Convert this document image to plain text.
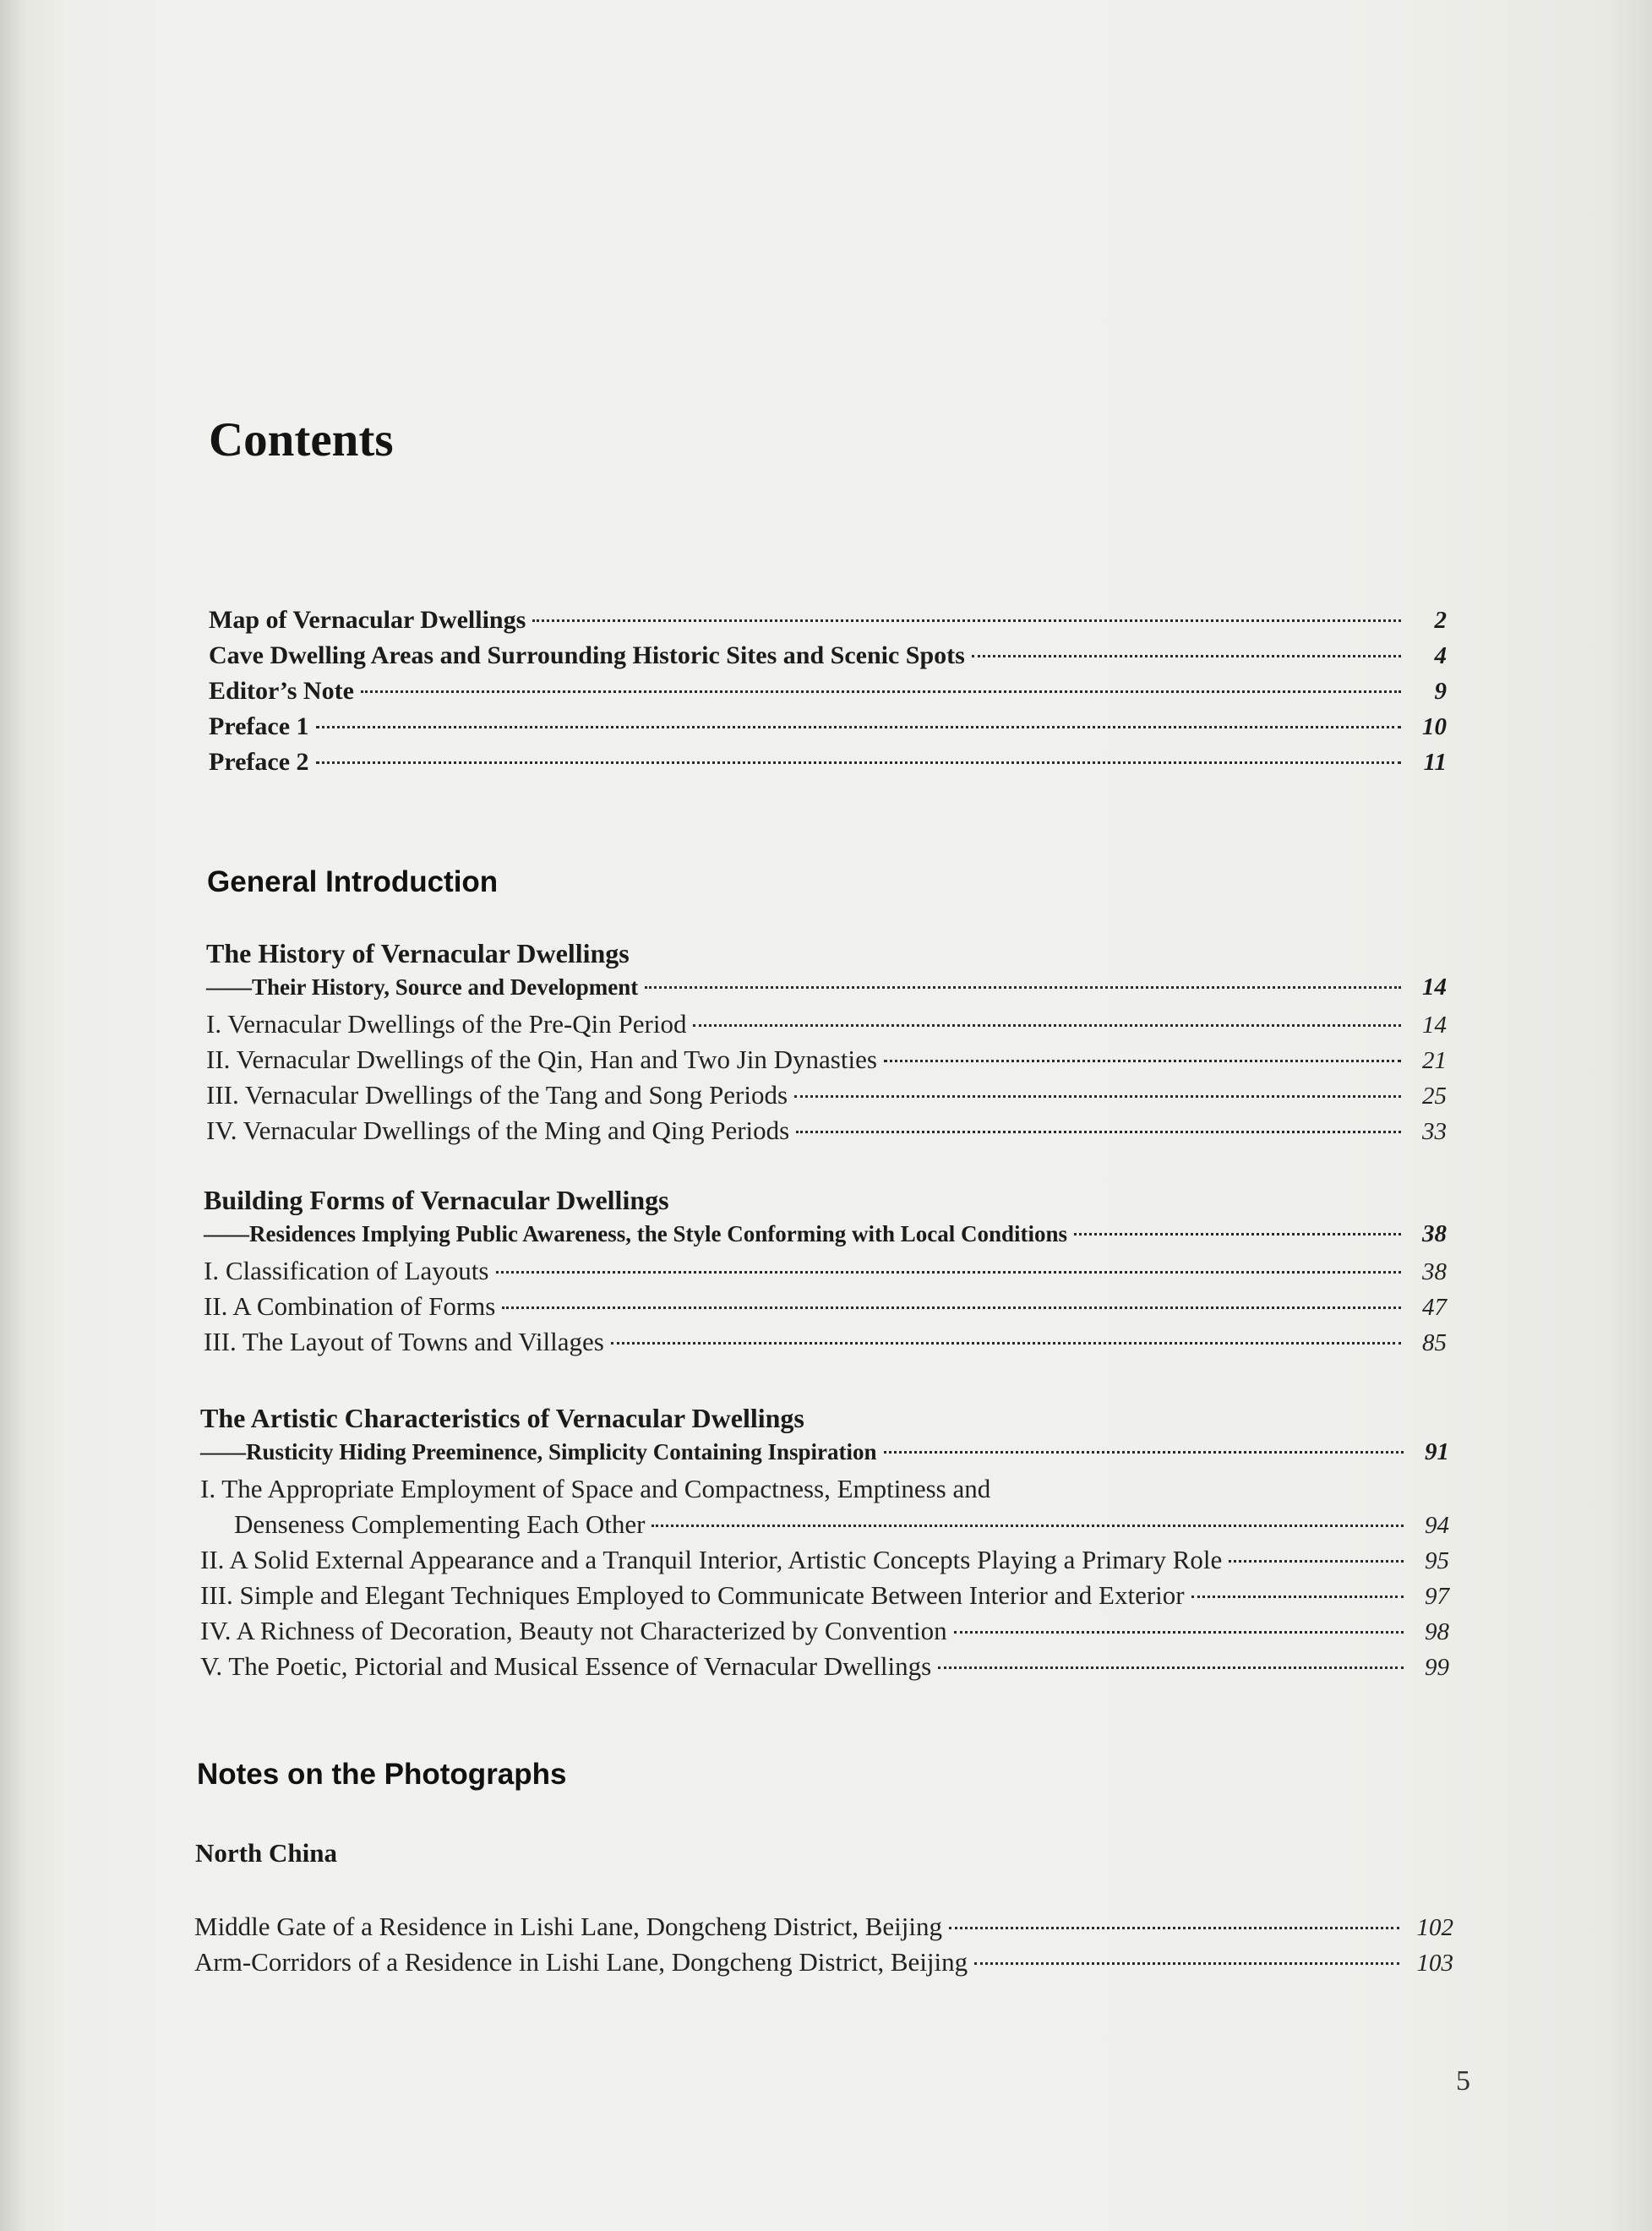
Contents
Map of Vernacular Dwellings	2
Cave Dwelling Areas and Surrounding Historic Sites and Scenic Spots	4
Editor’s Note	9
Preface 1	10
Preface 2	11
General Introduction
The History of Vernacular Dwellings
——Their History, Source and Development	14
I. Vernacular Dwellings of the Pre-Qin Period	14
II. Vernacular Dwellings of the Qin, Han and Two Jin Dynasties	21
III. Vernacular Dwellings of the Tang and Song Periods	25
IV. Vernacular Dwellings of the Ming and Qing Periods	33
Building Forms of Vernacular Dwellings
——Residences Implying Public Awareness, the Style Conforming with Local Conditions	38
I. Classification of Layouts	38
II. A Combination of Forms	47
III. The Layout of Towns and Villages	85
The Artistic Characteristics of Vernacular Dwellings
——Rusticity Hiding Preeminence, Simplicity Containing Inspiration	91
I. The Appropriate Employment of Space and Compactness, Emptiness and
Denseness Complementing Each Other	94
II. A Solid External Appearance and a Tranquil Interior, Artistic Concepts Playing a Primary Role	95
III. Simple and Elegant Techniques Employed to Communicate Between Interior and Exterior	97
IV. A Richness of Decoration, Beauty not Characterized by Convention	98
V. The Poetic, Pictorial and Musical Essence of Vernacular Dwellings	99
Notes on the Photographs
North China
Middle Gate of a Residence in Lishi Lane, Dongcheng District, Beijing	102
Arm-Corridors of a Residence in Lishi Lane, Dongcheng District, Beijing	103
5
